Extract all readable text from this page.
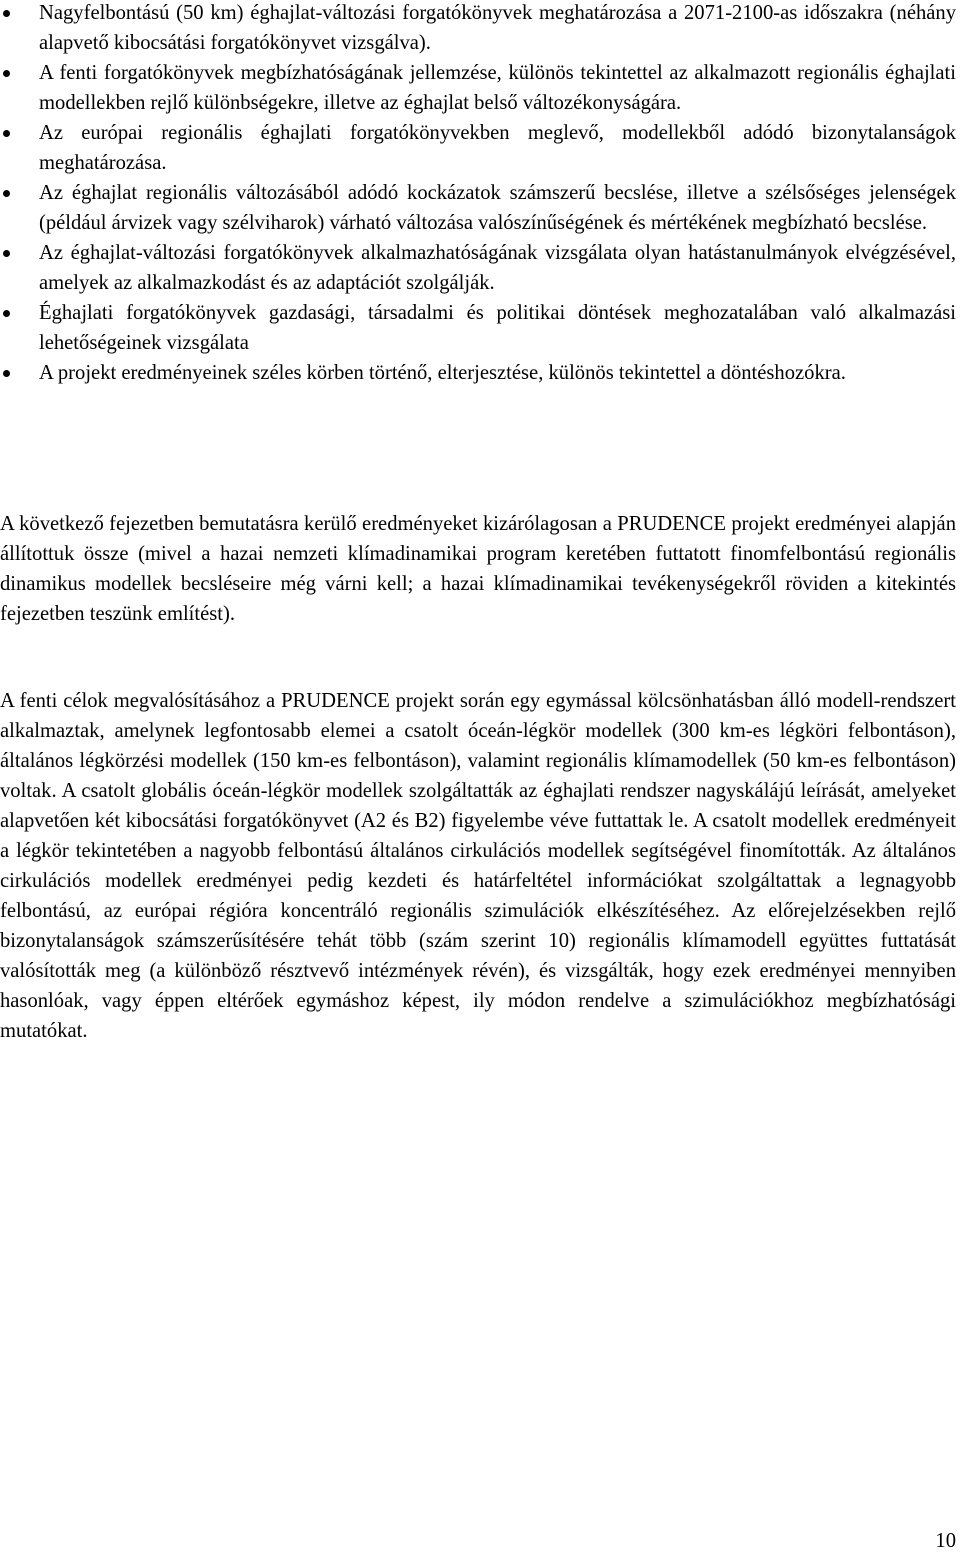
Nagyfelbontású (50 km) éghajlat-változási forgatókönyvek meghatározása a 2071-2100-as időszakra (néhány alapvető kibocsátási forgatókönyvet vizsgálva).
A fenti forgatókönyvek megbízhatóságának jellemzése, különös tekintettel az alkalmazott regionális éghajlati modellekben rejlő különbségekre, illetve az éghajlat belső változékonyságára.
Az európai regionális éghajlati forgatókönyvekben meglevő, modellekből adódó bizonytalanságok meghatározása.
Az éghajlat regionális változásából adódó kockázatok számszerű becslése, illetve a szélsőséges jelenségek (például árvizek vagy szélviharok) várható változása valószínűségének és mértékének megbízható becslése.
Az éghajlat-változási forgatókönyvek alkalmazhatóságának vizsgálata olyan hatástanulmányok elvégzésével, amelyek az alkalmazkodást és az adaptációt szolgálják.
Éghajlati forgatókönyvek gazdasági, társadalmi és politikai döntések meghozatalában való alkalmazási lehetőségeinek vizsgálata
A projekt eredményeinek széles körben történő, elterjesztése, különös tekintettel a döntéshozókra.

A következő fejezetben bemutatásra kerülő eredményeket kizárólagosan a PRUDENCE projekt eredményei alapján állítottuk össze (mivel a hazai nemzeti klímadinamikai program keretében futtatott finomfelbontású regionális dinamikus modellek becsléseire még várni kell; a hazai klímadinamikai tevékenységekről röviden a kitekintés fejezetben teszünk említést).

A fenti célok megvalósításához a PRUDENCE projekt során egy egymással kölcsönhatásban álló modell-rendszert alkalmaztak, amelynek legfontosabb elemei a csatolt óceán-légkör modellek (300 km-es légköri felbontáson), általános légkörzési modellek (150 km-es felbontáson), valamint regionális klímamodellek (50 km-es felbontáson) voltak. A csatolt globális óceán-légkör modellek szolgáltatták az éghajlati rendszer nagyskálájú leírását, amelyeket alapvetően két kibocsátási forgatókönyvet (A2 és B2) figyelembe véve futtattak le. A csatolt modellek eredményeit a légkör tekintetében a nagyobb felbontású általános cirkulációs modellek segítségével finomították. Az általános cirkulációs modellek eredményei pedig kezdeti és határfeltétel információkat szolgáltattak a legnagyobb felbontású, az európai régióra koncentráló regionális szimulációk elkészítéséhez. Az előrejelzésekben rejlő bizonytalanságok számszerűsítésére tehát több (szám szerint 10) regionális klímamodell együttes futtatását valósították meg (a különböző résztvevő intézmények révén), és vizsgálták, hogy ezek eredményei mennyiben hasonlóak, vagy éppen eltérőek egymáshoz képest, ily módon rendelve a szimulációkhoz megbízhatósági mutatókat.

10
